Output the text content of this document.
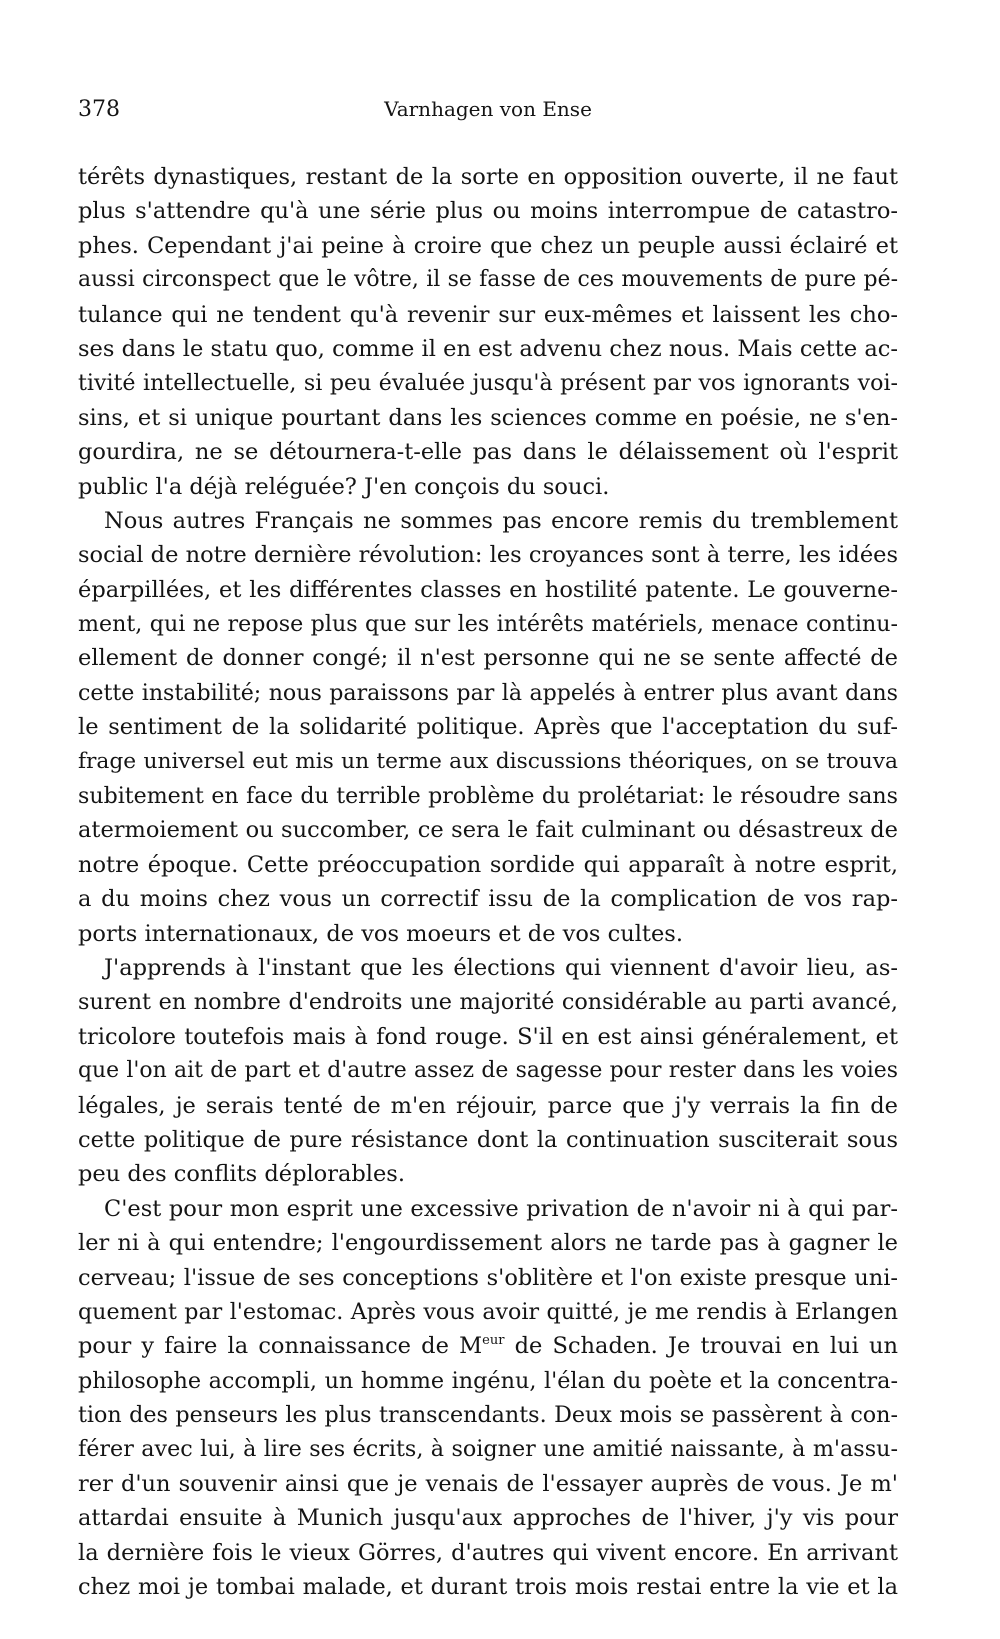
378	Varnhagen von Ense
térêts dynastiques, restant de la sorte en opposition ouverte, il ne faut
plus s'attendre qu'à une série plus ou moins interrompue de catastro-
phes. Cependant j'ai peine à croire que chez un peuple aussi éclairé et
aussi circonspect que le vôtre, il se fasse de ces mouvements de pure pé-
tulance qui ne tendent qu'à revenir sur eux-mêmes et laissent les cho-
ses dans le statu quo, comme il en est advenu chez nous. Mais cette ac-
tivité intellectuelle, si peu évaluée jusqu'à présent par vos ignorants voi-
sins, et si unique pourtant dans les sciences comme en poésie, ne s'en-
gourdira, ne se détournera-t-elle pas dans le délaissement où l'esprit
public l'a déjà reléguée? J'en conçois du souci.
Nous autres Français ne sommes pas encore remis du tremblement
social de notre dernière révolution: les croyances sont à terre, les idées
éparpillées, et les différentes classes en hostilité patente. Le gouverne-
ment, qui ne repose plus que sur les intérêts matériels, menace continu-
ellement de donner congé; il n'est personne qui ne se sente affecté de
cette instabilité; nous paraissons par là appelés à entrer plus avant dans
le sentiment de la solidarité politique. Après que l'acceptation du suf-
frage universel eut mis un terme aux discussions théoriques, on se trouva
subitement en face du terrible problème du prolétariat: le résoudre sans
atermoiement ou succomber, ce sera le fait culminant ou désastreux de
notre époque. Cette préoccupation sordide qui apparaît à notre esprit,
a du moins chez vous un correctif issu de la complication de vos rap-
ports internationaux, de vos moeurs et de vos cultes.
J'apprends à l'instant que les élections qui viennent d'avoir lieu, as-
surent en nombre d'endroits une majorité considérable au parti avancé,
tricolore toutefois mais à fond rouge. S'il en est ainsi généralement, et
que l'on ait de part et d'autre assez de sagesse pour rester dans les voies
légales, je serais tenté de m'en réjouir, parce que j'y verrais la fin de
cette politique de pure résistance dont la continuation susciterait sous
peu des conflits déplorables.
C'est pour mon esprit une excessive privation de n'avoir ni à qui par-
ler ni à qui entendre; l'engourdissement alors ne tarde pas à gagner le
cerveau; l'issue de ses conceptions s'oblitère et l'on existe presque uni-
quement par l'estomac. Après vous avoir quitté, je me rendis à Erlangen
pour y faire la connaissance de $M^{eur}$ de Schaden. Je trouvai en lui un
philosophe accompli, un homme ingénu, l'élan du poète et la concentra-
tion des penseurs les plus transcendants. Deux mois se passèrent à con-
férer avec lui, à lire ses écrits, à soigner une amitié naissante, à m'assu-
rer d'un souvenir ainsi que je venais de l'essayer auprès de vous. Je m'
attardai ensuite à Munich jusqu'aux approches de l'hiver, j'y vis pour
la dernière fois le vieux Görres, d'autres qui vivent encore. En arrivant
chez moi je tombai malade, et durant trois mois restai entre la vie et la
